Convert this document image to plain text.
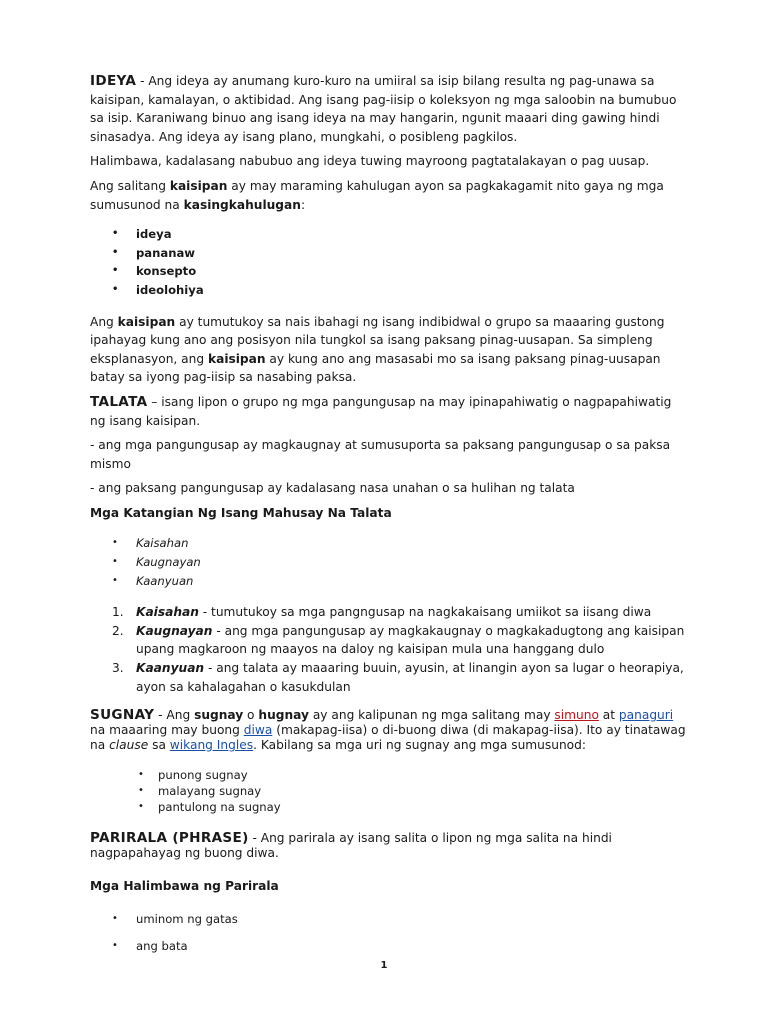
IDEYA - Ang ideya ay anumang kuro-kuro na umiiral sa isip bilang resulta ng pag-unawa sa kaisipan, kamalayan, o aktibidad. Ang isang pag-iisip o koleksyon ng mga saloobin na bumubuo sa isip. Karaniwang binuo ang isang ideya na may hangarin, ngunit maaari ding gawing hindi sinasadya. Ang ideya ay isang plano, mungkahi, o posibleng pagkilos.

Halimbawa, kadalasang nabubuo ang ideya tuwing mayroong pagtatalakayan o pag uusap.

Ang salitang kaisipan ay may maraming kahulugan ayon sa pagkakagamit nito gaya ng mga sumusunod na kasingkahulugan:

• ideya
• pananaw
• konsepto
• ideolohiya

Ang kaisipan ay tumutukoy sa nais ibahagi ng isang indibidwal o grupo sa maaaring gustong ipahayag kung ano ang posisyon nila tungkol sa isang paksang pinag-uusapan. Sa simpleng eksplanasyon, ang kaisipan ay kung ano ang masasabi mo sa isang paksang pinag-uusapan batay sa iyong pag-iisip sa nasabing paksa.

TALATA – isang lipon o grupo ng mga pangungusap na may ipinapahiwatig o nagpapahiwatig ng isang kaisipan.

- ang mga pangungusap ay magkaugnay at sumusuporta sa paksang pangungusap o sa paksa mismo

- ang paksang pangungusap ay kadalasang nasa unahan o sa hulihan ng talata

Mga Katangian Ng Isang Mahusay Na Talata

• Kaisahan
• Kaugnayan
• Kaanyuan
1. Kaisahan - tumutukoy sa mga pangngusap na nagkakaisang umiikot sa iisang diwa
2. Kaugnayan - ang mga pangungusap ay magkakaugnay o magkakadugtong ang kaisipan upang magkaroon ng maayos na daloy ng kaisipan mula una hanggang dulo
3. Kaanyuan - ang talata ay maaaring buuin, ayusin, at linangin ayon sa lugar o heorapiya, ayon sa kahalagahan o kasukdulan

SUGNAY - Ang sugnay o hugnay ay ang kalipunan ng mga salitang may simuno at panaguri na maaaring may buong diwa (makapag-iisa) o di-buong diwa (di makapag-iisa). Ito ay tinatawag na clause sa wikang Ingles. Kabilang sa mga uri ng sugnay ang mga sumusunod:

• punong sugnay
• malayang sugnay
• pantulong na sugnay

PARIRALA (PHRASE) - Ang parirala ay isang salita o lipon ng mga salita na hindi nagpapahayag ng buong diwa.

Mga Halimbawa ng Parirala

• uminom ng gatas
• ang bata
1
